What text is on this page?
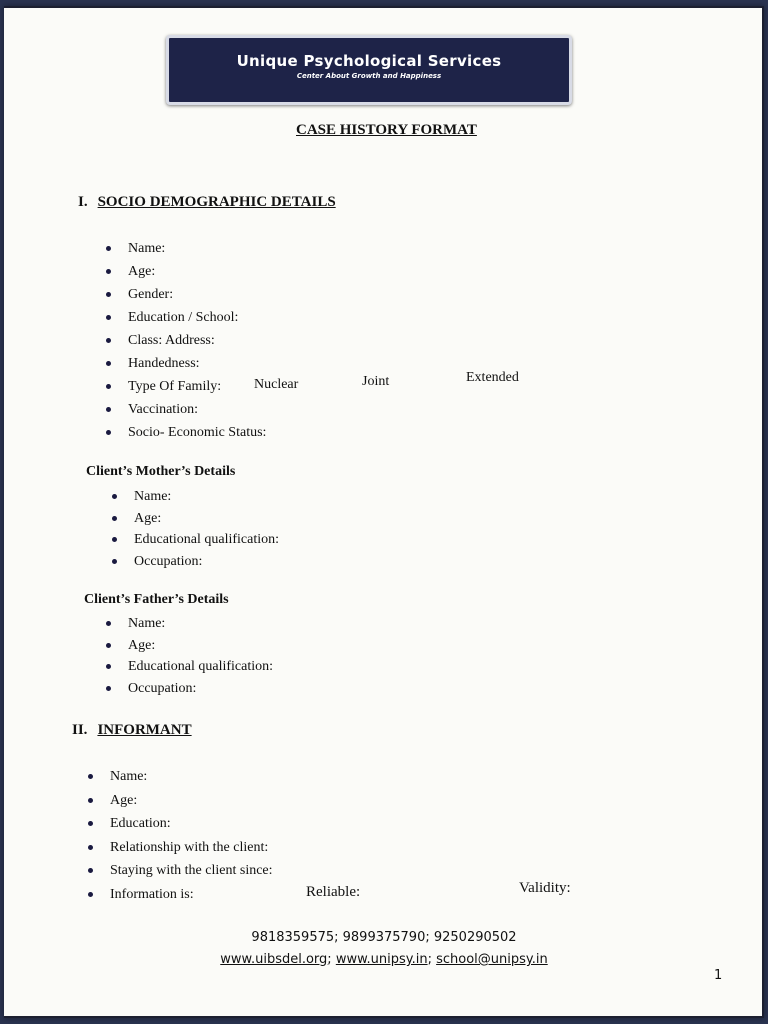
Unique Psychological Services
Center About Growth and Happiness
CASE HISTORY FORMAT
I. SOCIO DEMOGRAPHIC DETAILS
Name:
Age:
Gender:
Education / School:
Class: Address:
Handedness:
Type Of Family:
Vaccination:
Socio- Economic Status:
Nuclear	Joint	Extended
Client’s Mother’s Details
Name:
Age:
Educational qualification:
Occupation:
Client’s Father’s Details
Name:
Age:
Educational qualification:
Occupation:
II. INFORMANT
Name:
Age:
Education:
Relationship with the client:
Staying with the client since:
Information is:	Reliable:	Validity:
9818359575; 9899375790; 9250290502
www.uibsdel.org; www.unipsy.in; school@unipsy.in
1
